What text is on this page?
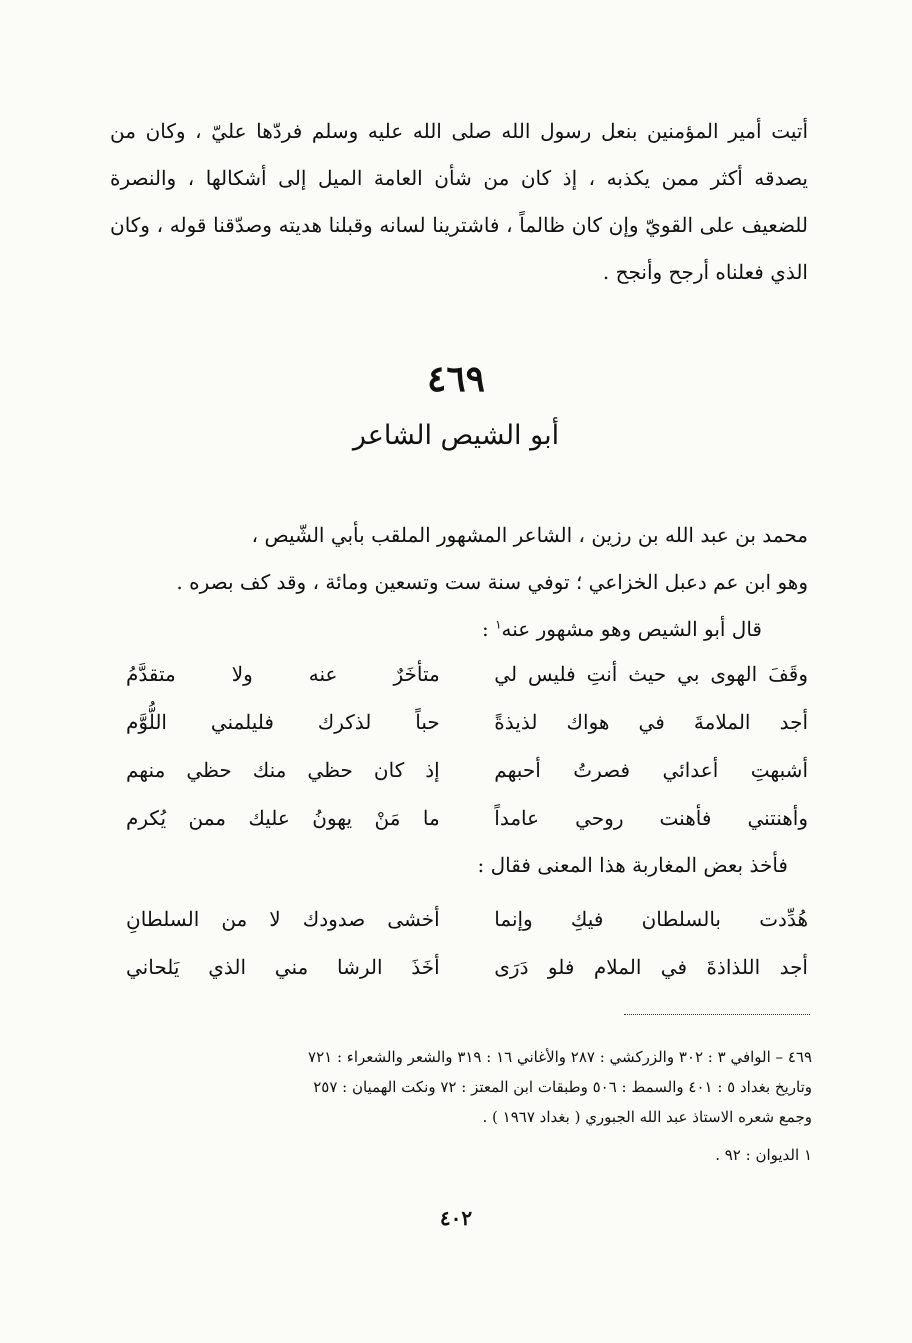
أتيت أمير المؤمنين بنعل رسول الله صلى الله عليه وسلم فردّها عليّ ، وكان من يصدقه أكثر ممن يكذبه ، إذ كان من شأن العامة الميل إلى أشكالها ، والنصرة للضعيف على القويّ وإن كان ظالماً ، فاشترينا لسانه وقبلنا هديته وصدّقنا قوله ، وكان الذي فعلناه أرجح وأنجح .

٤٦٩
أبو الشيص الشاعر

محمد بن عبد الله بن رزين ، الشاعر المشهور الملقب بأبي الشّيص ،

وهو ابن عم دعبل الخزاعي ؛ توفي سنة ست وتسعين ومائة ، وقد كف بصره .

قال أبو الشيص وهو مشهور عنه$^١$ :

وقَفَ الهوى بي حيث أنتِ فليس لي
متأخَرٌ عنه ولا متقدَّمُ
أجد الملامةَ في هواك لذيذةً
حباً لذكرك فليلمني اللُّوَّم
أشبهتِ أعدائي فصرتُ أحبهم
إذ كان حظي منك حظي منهم
وأهنتني فأهنت روحي عامداً
ما مَنْ يهونُ عليك ممن يُكرم

فأخذ بعض المغاربة هذا المعنى فقال :

هُدِّدت بالسلطان فيكِ وإنما
أخشى صدودك لا من السلطانِ
أجد اللذاذةَ في الملام فلو دَرَى
أخَذَ الرشا مني الذي يَلحاني

٤٦٩ – الوافي ٣ : ٣٠٢ والزركشي : ٢٨٧ والأغاني ١٦ : ٣١٩ والشعر والشعراء : ٧٢١

وتاريخ بغداد ٥ : ٤٠١ والسمط : ٥٠٦ وطبقات ابن المعتز : ٧٢ ونكت الهميان : ٢٥٧

وجمع شعره الاستاذ عبد الله الجبوري ( بغداد ١٩٦٧ ) .

١ الديوان : ٩٢ .

٤٠٢
